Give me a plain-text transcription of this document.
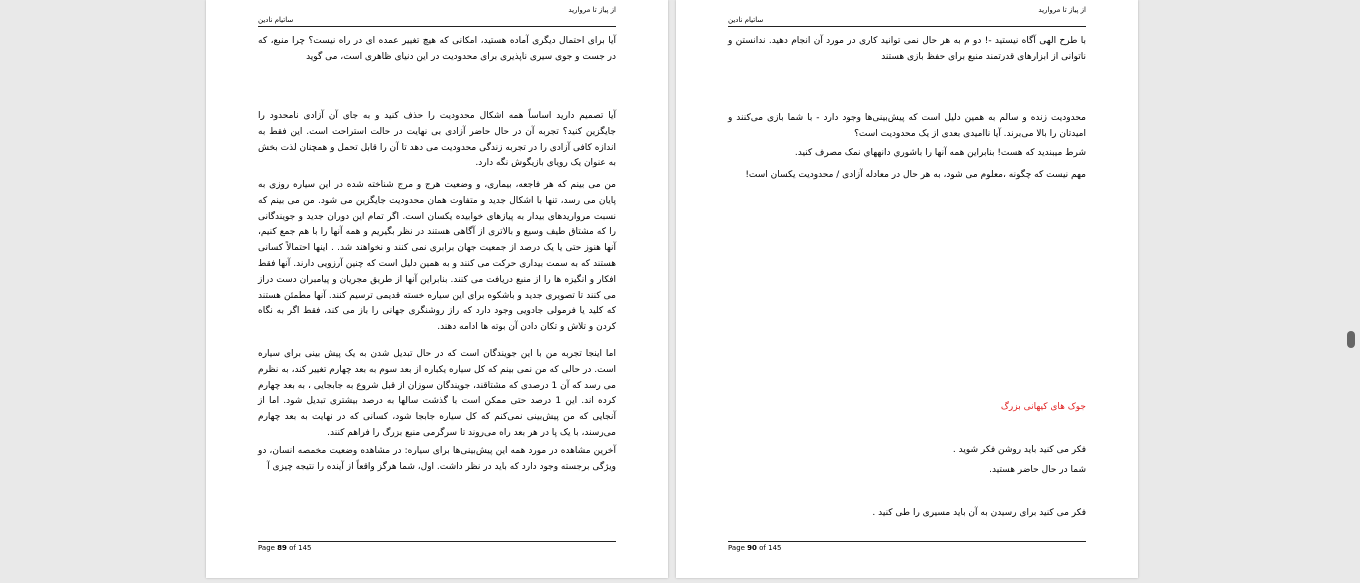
از پیاز تا مروارید
ساتیام نادین

آیا برای احتمال دیگری آماده هستید، امکانی که هیچ تغییر عمده ای در راه نیست؟ چرا منبع، که در جست و جوی سیری ناپذیری برای محدودیت در این دنیای ظاهری است، می گوید

آیا تصمیم دارید اساساً همه اشکال محدودیت را حذف کنید و به جای آن آزادی نامحدود را جایگزین کنید؟ تجربه آن در حال حاضر آزادی بی نهایت در حالت استراحت است. این فقط به اندازه کافی آزادی را در تجربه زندگی محدودیت می دهد تا آن را قابل تحمل و همچنان لذت بخش به عنوان یک رویای بازیگوش نگه دارد.

من می بینم که هر فاجعه، بیماری، و وضعیت هرج و مرج شناخته شده در این سیاره روزی به پایان می رسد، تنها با اشکال جدید و متفاوت همان محدودیت جایگزین می شود. من می بینم که نسبت مرواریدهای بیدار به پیازهای خوابیده یکسان است. اگر تمام این دوران جدید و جویندگانی را که مشتاق طیف وسیع و بالاتری از آگاهی هستند در نظر بگیریم و همه آنها را با هم جمع کنیم، آنها هنوز حتی یا یک درصد از جمعیت جهان برابری نمی کنند و نخواهند شد. . اینها احتمالاً کسانی هستند که به سمت بیداری حرکت می کنند و به همین دلیل است که چنین آرزویی دارند. آنها فقط افکار و انگیزه ها را از منبع دریافت می کنند. بنابراین آنها از طریق مجریان و پیامبران دست دراز می کنند تا تصویری جدید و باشکوه برای این سیاره خسته قدیمی ترسیم کنند. آنها مطمئن هستند که کلید یا فرمولی جادویی وجود دارد که راز روشنگری جهانی را باز می کند، فقط اگر به نگاه کردن و تلاش و تکان دادن آن بوته ها ادامه دهند.

اما اینجا تجربه من با این جویندگان است که در حال تبدیل شدن به یک پیش بینی برای سیاره است. در حالی که من نمی بینم که کل سیاره یکباره از بعد سوم به بعد چهارم تغییر کند، به نظرم می رسد که آن 1 درصدی که مشتاقند، جویندگان سوزان از قبل شروع به جابجایی ، به بعد چهارم کرده اند. این 1 درصد حتی ممکن است با گذشت سالها به درصد بیشتری تبدیل شود. اما از آنجایی که من پیش‌بینی نمی‌کنم که کل سیاره جابجا شود، کسانی که در نهایت به بعد چهارم می‌رسند، با یک پا در هر بعد راه می‌روند تا سرگرمی منبع بزرگ را فراهم کنند.

آخرین مشاهده در مورد همه این پیش‌بینی‌ها برای سیاره: در مشاهده وضعیت مخمصه انسان، دو ویژگی برجسته وجود دارد که باید در نظر داشت. اول، شما هرگز واقعاً از آینده را نتیجه چیزی آ

Page 89 of 145
از پیاز تا مروارید
ساتیام نادین

با طرح الهی آگاه نیستید -! دو م به هر حال نمی توانید کاری در مورد آن انجام دهید. ندانستن و ناتوانی از ابزارهای قدرتمند منبع برای حفظ بازی هستند

محدودیت زنده و سالم به همین دلیل است که پیش‌بینی‌ها وجود دارد - با شما بازی می‌کنند و امیدتان را بالا می‌برند. آیا ناامیدی بعدی از یک محدودیت است؟

شرط میبندید که هست! بنابراین همه آنها را باشوري دانههاي نمک مصرف کنید.

مهم نیست که چگونه ،معلوم می شود، به هر حال در معادله آزادی / محدودیت یکسان است!

جوک های کیهانی بزرگ

فکر می کنید باید روشن فکر شوید .

شما در حال حاضر هستید.

فکر می کنید برای رسیدن به آن باید مسیری را طی کنید .

Page 90 of 145
